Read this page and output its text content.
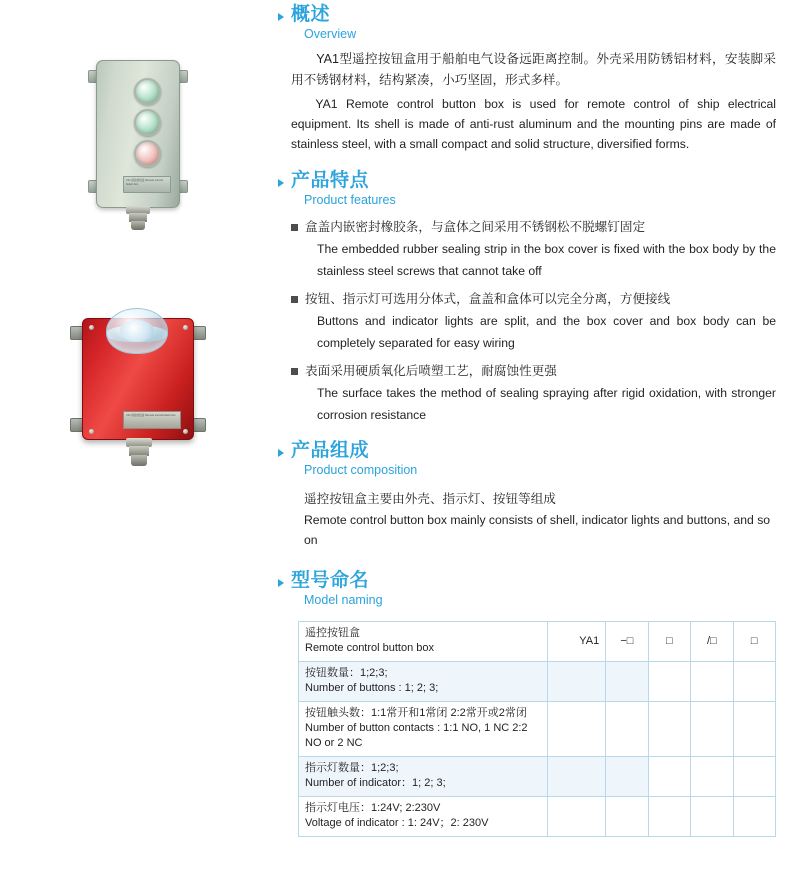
YA1 遥控按钮盒 Remote control button box
YA1 遥控按钮盒 Remote control button box
概述
Overview
YA1型遥控按钮盒用于船舶电气设备远距离控制。外壳采用防锈铝材料，安装脚采用不锈钢材料，结构紧凑，小巧坚固，形式多样。
YA1 Remote control button box is used for remote control of ship electrical equipment. Its shell is made of anti-rust aluminum and the mounting pins are made of stainless steel, with a small compact and solid structure, diversified forms.
产品特点
Product features
盒盖内嵌密封橡胶条，与盒体之间采用不锈钢松不脱螺钉固定
The embedded rubber sealing strip in the box cover is fixed with the box body by the stainless steel screws that cannot take off
按钮、指示灯可选用分体式，盒盖和盒体可以完全分离，方便接线
Buttons and indicator lights are split, and the box cover and box body can be completely separated for easy wiring
表面采用硬质氧化后喷塑工艺，耐腐蚀性更强
The surface takes the method of sealing spraying after rigid oxidation, with stronger corrosion resistance
产品组成
Product composition
遥控按钮盒主要由外壳、指示灯、按钮等组成
Remote control button box mainly consists of shell, indicator lights and buttons, and so on
型号命名
Model naming
遥控按钮盒
Remote control button box	YA1	−□	□	/□	□

按钮数量：1;2;3;
Number of buttons : 1; 2; 3;					

按钮触头数：1:1常开和1常闭 2:2常开或2常闭
Number of button contacts : 1:1 NO, 1 NC 2:2 NO or 2 NC					

指示灯数量：1;2;3;
Number of indicator：1; 2; 3;					

指示灯电压：1:24V; 2:230V
Voltage of indicator : 1: 24V；2: 230V					
